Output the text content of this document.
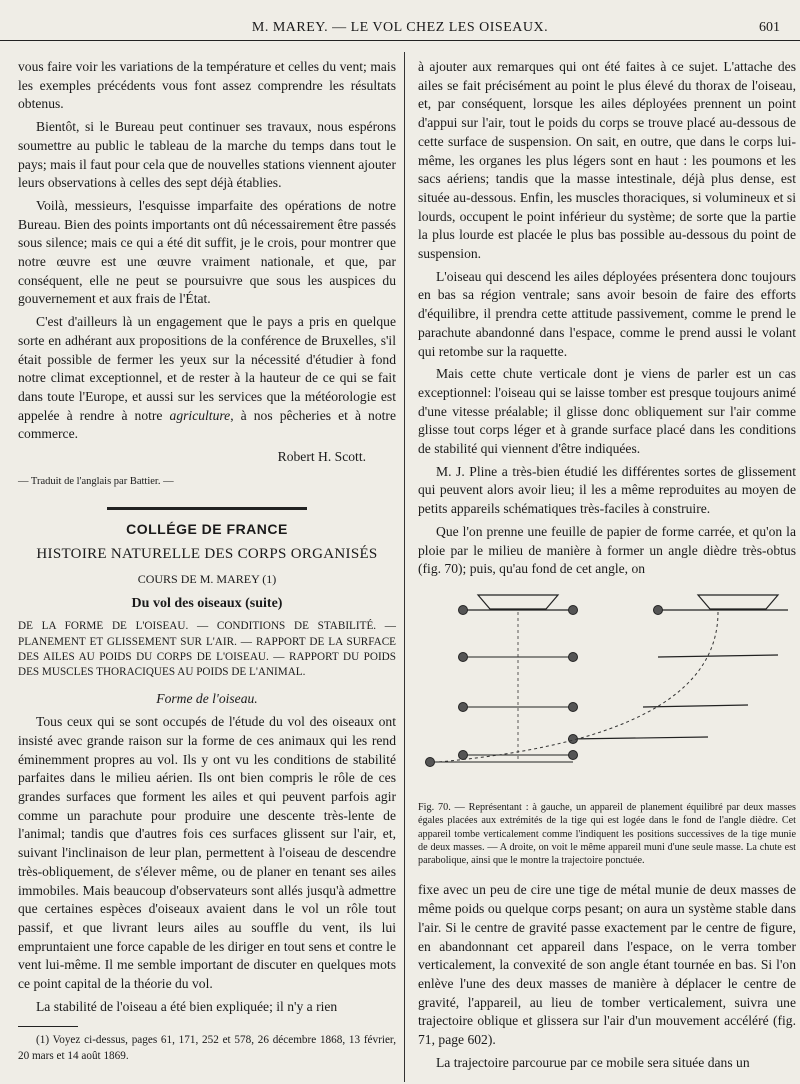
M. MAREY. — LE VOL CHEZ LES OISEAUX.	601

vous faire voir les variations de la température et celles du vent; mais les exemples précédents vous font assez comprendre les résultats obtenus.

Bientôt, si le Bureau peut continuer ses travaux, nous espérons soumettre au public le tableau de la marche du temps dans tout le pays; mais il faut pour cela que de nouvelles stations viennent ajouter leurs observations à celles des sept déjà établies.

Voilà, messieurs, l'esquisse imparfaite des opérations de notre Bureau. Bien des points importants ont dû nécessairement être passés sous silence; mais ce qui a été dit suffit, je le crois, pour montrer que notre œuvre est une œuvre vraiment nationale, et que, par conséquent, elle ne peut se poursuivre que sous les auspices du gouvernement et aux frais de l'État.

C'est d'ailleurs là un engagement que le pays a pris en quelque sorte en adhérant aux propositions de la conférence de Bruxelles, s'il était possible de fermer les yeux sur la nécessité d'étudier à fond notre climat exceptionnel, et de rester à la hauteur de ce qui se fait dans toute l'Europe, et aussi sur les services que la météorologie est appelée à rendre à notre agriculture, à nos pêcheries et à notre commerce.

Robert H. Scott.
— Traduit de l'anglais par Battier. —
COLLÉGE DE FRANCE
HISTOIRE NATURELLE DES CORPS ORGANISÉS
COURS DE M. MAREY (1)
Du vol des oiseaux (suite)

DE LA FORME DE L'OISEAU. — CONDITIONS DE STABILITÉ. — PLANEMENT ET GLISSEMENT SUR L'AIR. — RAPPORT DE LA SURFACE DES AILES AU POIDS DU CORPS DE L'OISEAU. — RAPPORT DU POIDS DES MUSCLES THORACIQUES AU POIDS DE L'ANIMAL.

Forme de l'oiseau.

Tous ceux qui se sont occupés de l'étude du vol des oiseaux ont insisté avec grande raison sur la forme de ces animaux qui les rend éminemment propres au vol. Ils y ont vu les conditions de stabilité parfaites dans le milieu aérien. Ils ont bien compris le rôle de ces grandes surfaces que forment les ailes et qui peuvent parfois agir comme un parachute pour produire une descente très-lente de l'animal; tandis que d'autres fois ces surfaces glissent sur l'air, et, suivant l'inclinaison de leur plan, permettent à l'oiseau de descendre très-obliquement, de s'élever même, ou de planer en tenant ses ailes immobiles. Mais beaucoup d'observateurs sont allés jusqu'à admettre que certaines espèces d'oiseaux avaient dans le vol un rôle tout passif, et que livrant leurs ailes au souffle du vent, ils lui empruntaient une force capable de les diriger en tout sens et contre le vent lui-même. Il me semble important de discuter en quelques mots ce point capital de la théorie du vol.

La stabilité de l'oiseau a été bien expliquée; il n'y a rien

(1) Voyez ci-dessus, pages 61, 171, 252 et 578, 26 décembre 1868, 13 février, 20 mars et 14 août 1869.

à ajouter aux remarques qui ont été faites à ce sujet. L'attache des ailes se fait précisément au point le plus élevé du thorax de l'oiseau, et, par conséquent, lorsque les ailes déployées prennent un point d'appui sur l'air, tout le poids du corps se trouve placé au-dessous de cette surface de suspension. On sait, en outre, que dans le corps lui-même, les organes les plus légers sont en haut : les poumons et les sacs aériens; tandis que la masse intestinale, déjà plus dense, est située au-dessous. Enfin, les muscles thoraciques, si volumineux et si lourds, occupent le point inférieur du système; de sorte que la partie la plus lourde est placée le plus bas possible au-dessous du point de suspension.

L'oiseau qui descend les ailes déployées présentera donc toujours en bas sa région ventrale; sans avoir besoin de faire des efforts d'équilibre, il prendra cette attitude passivement, comme le prend le parachute abandonné dans l'espace, comme le prend aussi le volant qui retombe sur la raquette.

Mais cette chute verticale dont je viens de parler est un cas exceptionnel: l'oiseau qui se laisse tomber est presque toujours animé d'une vitesse préalable; il glisse donc obliquement sur l'air comme glisse tout corps léger et à grande surface placé dans les conditions de stabilité qui viennent d'être indiquées.

M. J. Pline a très-bien étudié les différentes sortes de glissement qui peuvent alors avoir lieu; il les a même reproduites au moyen de petits appareils schématiques très-faciles à construire.

Que l'on prenne une feuille de papier de forme carrée, et qu'on la ploie par le milieu de manière à former un angle dièdre très-obtus (fig. 70); puis, qu'au fond de cet angle, on

Fig. 70. — Représentant : à gauche, un appareil de planement équilibré par deux masses égales placées aux extrémités de la tige qui est logée dans le fond de l'angle dièdre. Cet appareil tombe verticalement comme l'indiquent les positions successives de la tige munie de deux masses. — A droite, on voit le même appareil muni d'une seule masse. La chute est parabolique, ainsi que le montre la trajectoire ponctuée.

fixe avec un peu de cire une tige de métal munie de deux masses de même poids ou quelque corps pesant; on aura un système stable dans l'air. Si le centre de gravité passe exactement par le centre de figure, en abandonnant cet appareil dans l'espace, on le verra tomber verticalement, la convexité de son angle étant tournée en bas. Si l'on enlève l'une des deux masses de manière à déplacer le centre de gravité, l'appareil, au lieu de tomber verticalement, suivra une trajectoire oblique et glissera sur l'air d'un mouvement accéléré (fig. 71, page 602).

La trajectoire parcourue par ce mobile sera située dans un
